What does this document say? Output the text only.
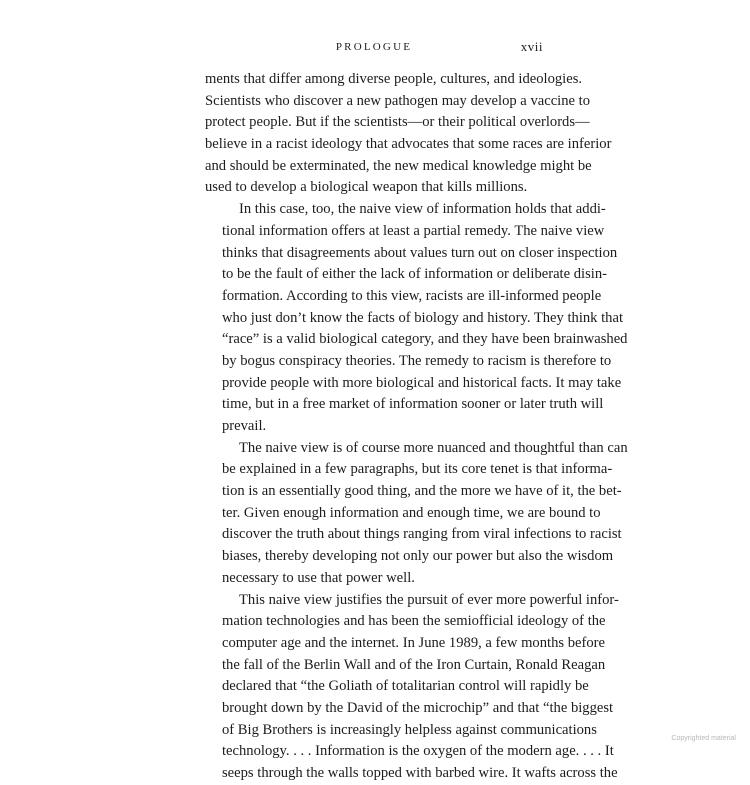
PROLOGUE	xvii
ments that differ among diverse people, cultures, and ideologies.
Scientists who discover a new pathogen may develop a vaccine to
protect people. But if the scientists—or their political overlords—
believe in a racist ideology that advocates that some races are inferior
and should be exterminated, the new medical knowledge might be
used to develop a biological weapon that kills millions.
In this case, too, the naive view of information holds that addi-
tional information offers at least a partial remedy. The naive view
thinks that disagreements about values turn out on closer inspection
to be the fault of either the lack of information or deliberate disin-
formation. According to this view, racists are ill-informed people
who just don’t know the facts of biology and history. They think that
“race” is a valid biological category, and they have been brainwashed
by bogus conspiracy theories. The remedy to racism is therefore to
provide people with more biological and historical facts. It may take
time, but in a free market of information sooner or later truth will
prevail.
The naive view is of course more nuanced and thoughtful than can
be explained in a few paragraphs, but its core tenet is that informa-
tion is an essentially good thing, and the more we have of it, the bet-
ter. Given enough information and enough time, we are bound to
discover the truth about things ranging from viral infections to racist
biases, thereby developing not only our power but also the wisdom
necessary to use that power well.
This naive view justifies the pursuit of ever more powerful infor-
mation technologies and has been the semiofficial ideology of the
computer age and the internet. In June 1989, a few months before
the fall of the Berlin Wall and of the Iron Curtain, Ronald Reagan
declared that “the Goliath of totalitarian control will rapidly be
brought down by the David of the microchip” and that “the biggest
of Big Brothers is increasingly helpless against communications
technology. . . . Information is the oxygen of the modern age. . . . It
seeps through the walls topped with barbed wire. It wafts across the
Copyrighted material
